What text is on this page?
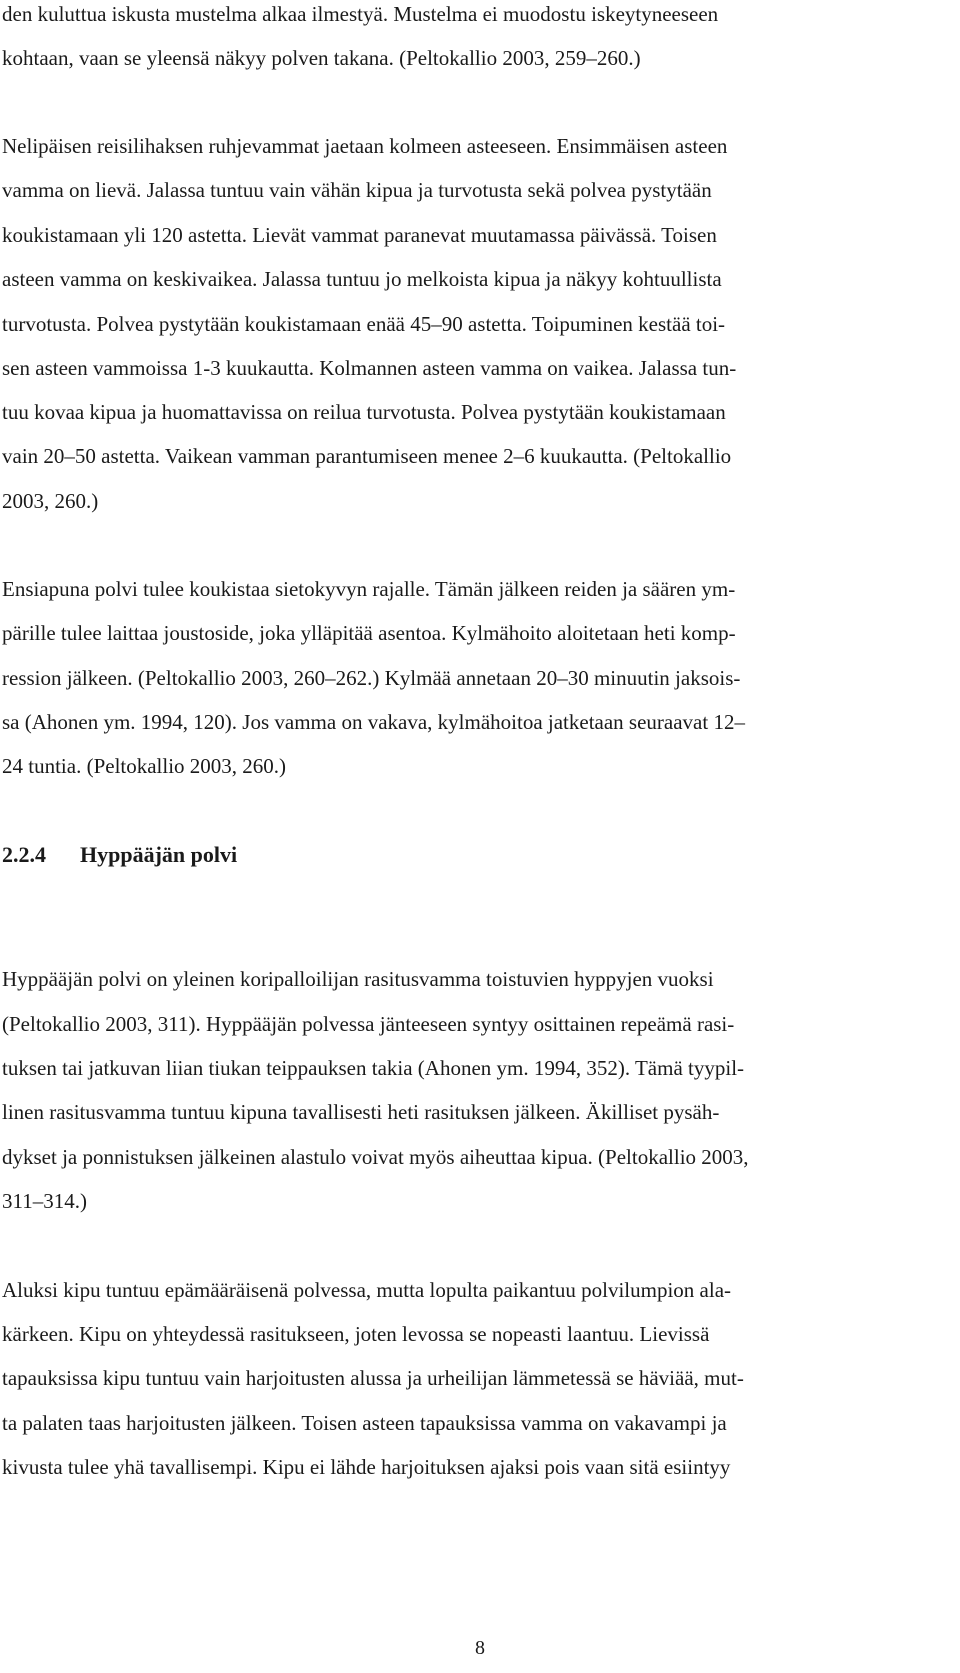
den kuluttua iskusta mustelma alkaa ilmestyä. Mustelma ei muodostu iskeytyneeseen
kohtaan, vaan se yleensä näkyy polven takana. (Peltokallio 2003, 259–260.)
Nelipäisen reisilihaksen ruhjevammat jaetaan kolmeen asteeseen. Ensimmäisen asteen
vamma on lievä. Jalassa tuntuu vain vähän kipua ja turvotusta sekä polvea pystytään
koukistamaan yli 120 astetta. Lievät vammat paranevat muutamassa päivässä. Toisen
asteen vamma on keskivaikea. Jalassa tuntuu jo melkoista kipua ja näkyy kohtuullista
turvotusta. Polvea pystytään koukistamaan enää 45–90 astetta. Toipuminen kestää toi-
sen asteen vammoissa 1-3 kuukautta. Kolmannen asteen vamma on vaikea. Jalassa tun-
tuu kovaa kipua ja huomattavissa on reilua turvotusta. Polvea pystytään koukistamaan
vain 20–50 astetta. Vaikean vamman parantumiseen menee 2–6 kuukautta. (Peltokallio
2003, 260.)
Ensiapuna polvi tulee koukistaa sietokyvyn rajalle. Tämän jälkeen reiden ja säären ym-
pärille tulee laittaa joustoside, joka ylläpitää asentoa. Kylmähoito aloitetaan heti komp-
ression jälkeen. (Peltokallio 2003, 260–262.) Kylmää annetaan 20–30 minuutin jaksois-
sa (Ahonen ym. 1994, 120). Jos vamma on vakava, kylmähoitoa jatketaan seuraavat 12–
24 tuntia. (Peltokallio 2003, 260.)
2.2.4 Hyppääjän polvi
Hyppääjän polvi on yleinen koripalloilijan rasitusvamma toistuvien hyppyjen vuoksi
(Peltokallio 2003, 311). Hyppääjän polvessa jänteeseen syntyy osittainen repeämä rasi-
tuksen tai jatkuvan liian tiukan teippauksen takia (Ahonen ym. 1994, 352). Tämä tyypil-
linen rasitusvamma tuntuu kipuna tavallisesti heti rasituksen jälkeen. Äkilliset pysäh-
dykset ja ponnistuksen jälkeinen alastulo voivat myös aiheuttaa kipua. (Peltokallio 2003,
311–314.)
Aluksi kipu tuntuu epämääräisenä polvessa, mutta lopulta paikantuu polvilumpion ala-
kärkeen. Kipu on yhteydessä rasitukseen, joten levossa se nopeasti laantuu. Lievissä
tapauksissa kipu tuntuu vain harjoitusten alussa ja urheilijan lämmetessä se häviää, mut-
ta palaten taas harjoitusten jälkeen. Toisen asteen tapauksissa vamma on vakavampi ja
kivusta tulee yhä tavallisempi. Kipu ei lähde harjoituksen ajaksi pois vaan sitä esiintyy
8
